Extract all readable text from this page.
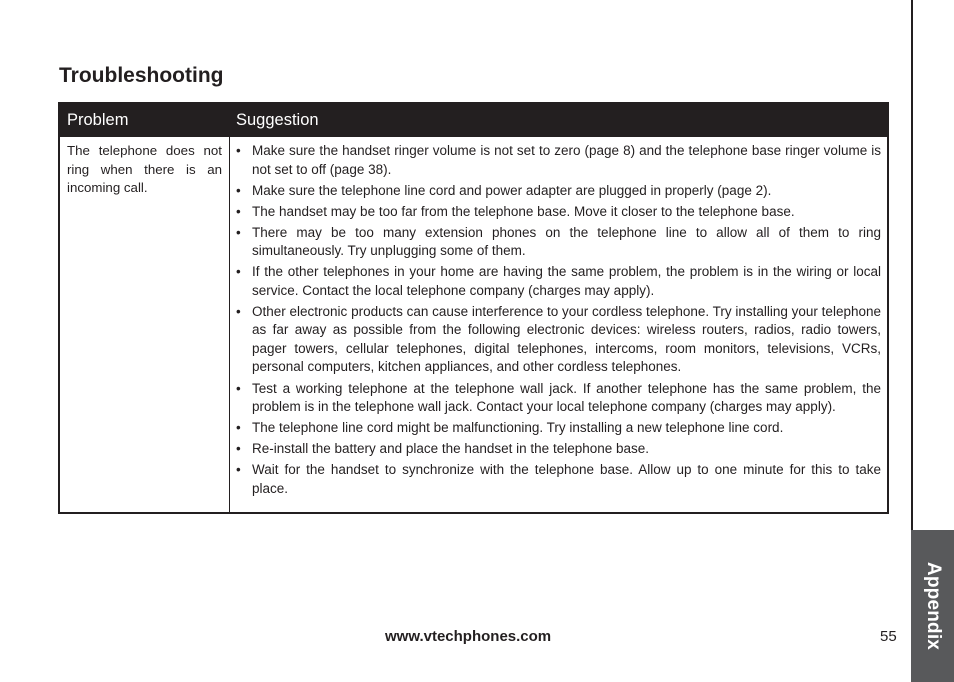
Appendix
Troubleshooting
Problem	Suggestion
The telephone does not ring when there is an incoming call.
• Make sure the handset ringer volume is not set to zero (page 8) and the telephone base ringer volume is not set to off (page 38).
• Make sure the telephone line cord and power adapter are plugged in properly (page 2).
• The handset may be too far from the telephone base. Move it closer to the telephone base.
• There may be too many extension phones on the telephone line to allow all of them to ring simultaneously. Try unplugging some of them.
• If the other telephones in your home are having the same problem, the problem is in the wiring or local service. Contact the local telephone company (charges may apply).
• Other electronic products can cause interference to your cordless telephone. Try installing your telephone as far away as possible from the following electronic devices: wireless routers, radios, radio towers, pager towers, cellular telephones, digital telephones, intercoms, room monitors, televisions, VCRs, personal computers, kitchen appliances, and other cordless telephones.
• Test a working telephone at the telephone wall jack. If another telephone has the same problem, the problem is in the telephone wall jack. Contact your local telephone company (charges may apply).
• The telephone line cord might be malfunctioning. Try installing a new telephone line cord.
• Re-install the battery and place the handset in the telephone base.
• Wait for the handset to synchronize with the telephone base. Allow up to one minute for this to take place.
www.vtechphones.com	55
